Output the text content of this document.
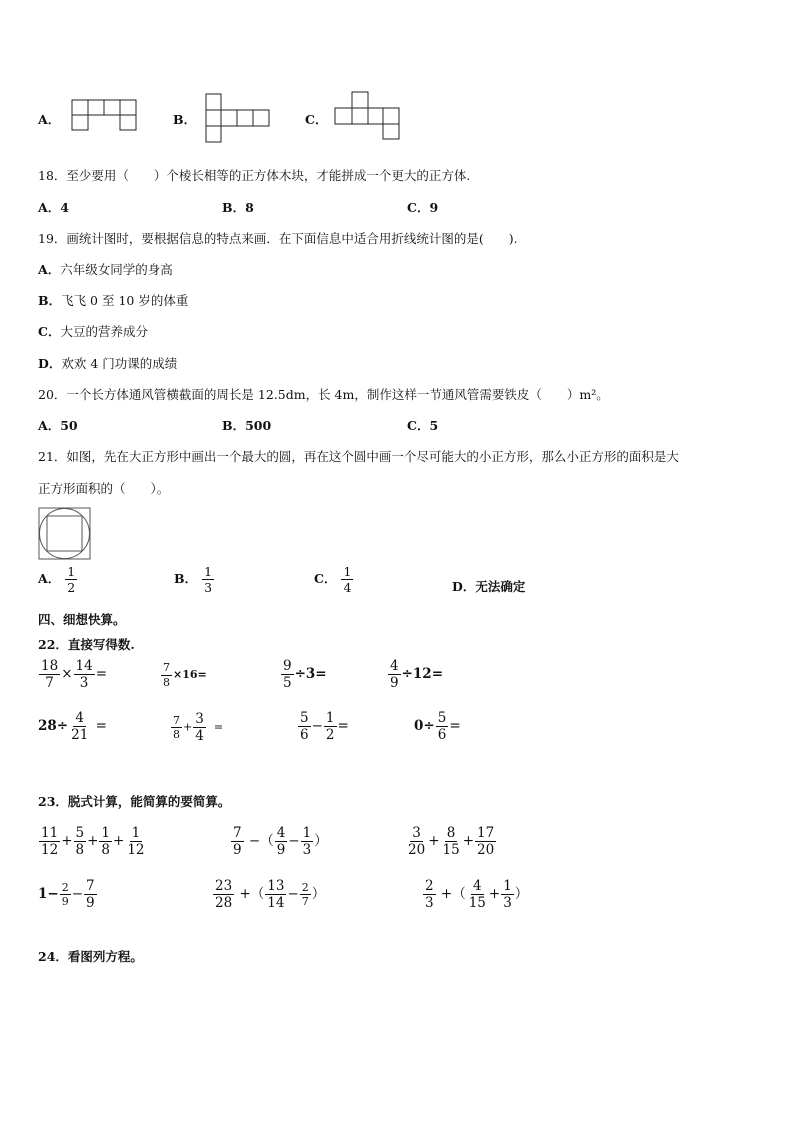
A．	B．	C．
18．至少要用（　　）个棱长相等的正方体木块，才能拼成一个更大的正方体.
A．4	B．8	C．9
19．画统计图时，要根据信息的特点来画．在下面信息中适合用折线统计图的是(　　).
A．六年级女同学的身高
B．飞飞 0 至 10 岁的体重
C．大豆的营养成分
D．欢欢 4 门功课的成绩
20．一个长方体通风管横截面的周长是 12.5dm，长 4m，制作这样一节通风管需要铁皮（　　）m²。
A．50	B．500	C．5
21．如图，先在大正方形中画出一个最大的圆，再在这个圆中画一个尽可能大的小正方形，那么小正方形的面积是大
正方形面积的（　　）。
A． $\frac{1}{2}$	B． $\frac{1}{3}$	C． $\frac{1}{4}$	D．无法确定
四、细想快算。
22．直接写得数.
$\frac{18}{7} \times \frac{14}{3}$ =	$\frac{7}{8} \times 16=$	$\frac{9}{5} \div 3=$	$\frac{4}{9} \div 12=$
$28\div \frac{4}{21}$ =	$\frac{7}{8} + \frac{3}{4}$ =	$\frac{5}{6} - \frac{1}{2}$ =	$0\div \frac{5}{6}$ =
23．脱式计算，能简算的要简算。
$\frac{11}{12} + \frac{5}{8} + \frac{1}{8} + \frac{1}{12}$	$\frac{7}{9}$ −（ $\frac{4}{9} - \frac{1}{3}$ ）	$\frac{3}{20} + \frac{8}{15} + \frac{17}{20}$
$1- \frac{2}{9} - \frac{7}{9}$	$\frac{23}{28}$ +（ $\frac{13}{14} - \frac{2}{7}$ ）	$\frac{2}{3}$ +（ $\frac{4}{15} + \frac{1}{3}$ ）
24．看图列方程。
